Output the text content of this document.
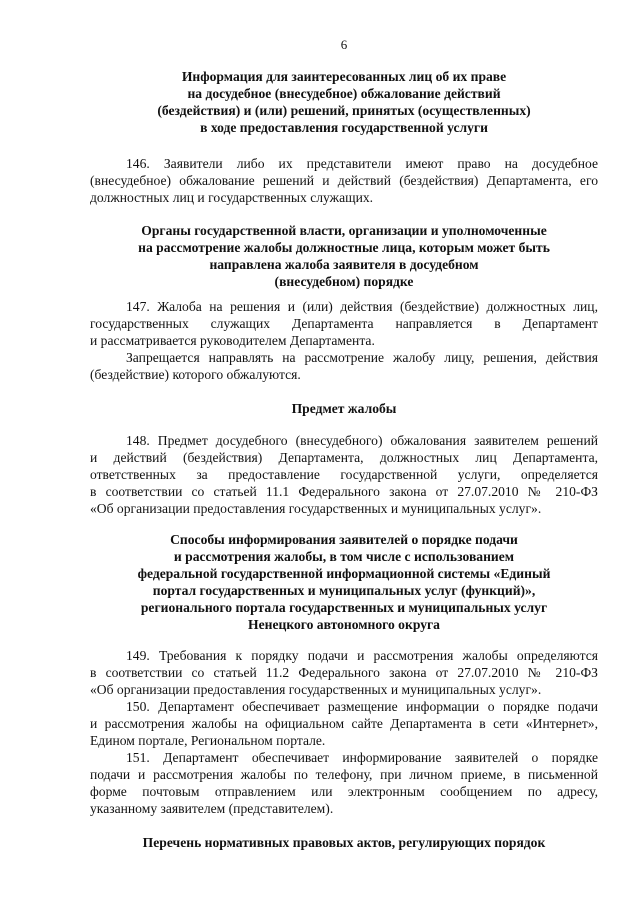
6
Информация для заинтересованных лиц об их праве
на досудебное (внесудебное) обжалование действий
(бездействия) и (или) решений, принятых (осуществленных)
в ходе предоставления государственной услуги
146. Заявители либо их представители имеют право на досудебное
(внесудебное) обжалование решений и действий (бездействия) Департамента, его
должностных лиц и государственных служащих.
Органы государственной власти, организации и уполномоченные
на рассмотрение жалобы должностные лица, которым может быть
направлена жалоба заявителя в досудебном
(внесудебном) порядке
147. Жалоба на решения и (или) действия (бездействие) должностных лиц,
государственных служащих Департамента направляется в Департамент
и рассматривается руководителем Департамента.
Запрещается направлять на рассмотрение жалобу лицу, решения, действия
(бездействие) которого обжалуются.
Предмет жалобы
148. Предмет досудебного (внесудебного) обжалования заявителем решений
и действий (бездействия) Департамента, должностных лиц Департамента,
ответственных за предоставление государственной услуги, определяется
в соответствии со статьей 11.1 Федерального закона от 27.07.2010 № 210-ФЗ
«Об организации предоставления государственных и муниципальных услуг».
Способы информирования заявителей о порядке подачи
и рассмотрения жалобы, в том числе с использованием
федеральной государственной информационной системы «Единый
портал государственных и муниципальных услуг (функций)»,
регионального портала государственных и муниципальных услуг
Ненецкого автономного округа
149. Требования к порядку подачи и рассмотрения жалобы определяются
в соответствии со статьей 11.2 Федерального закона от 27.07.2010 № 210-ФЗ
«Об организации предоставления государственных и муниципальных услуг».
150. Департамент обеспечивает размещение информации о порядке подачи
и рассмотрения жалобы на официальном сайте Департамента в сети «Интернет»,
Едином портале, Региональном портале.
151. Департамент обеспечивает информирование заявителей о порядке
подачи и рассмотрения жалобы по телефону, при личном приеме, в письменной
форме почтовым отправлением или электронным сообщением по адресу,
указанному заявителем (представителем).
Перечень нормативных правовых актов, регулирующих порядок
